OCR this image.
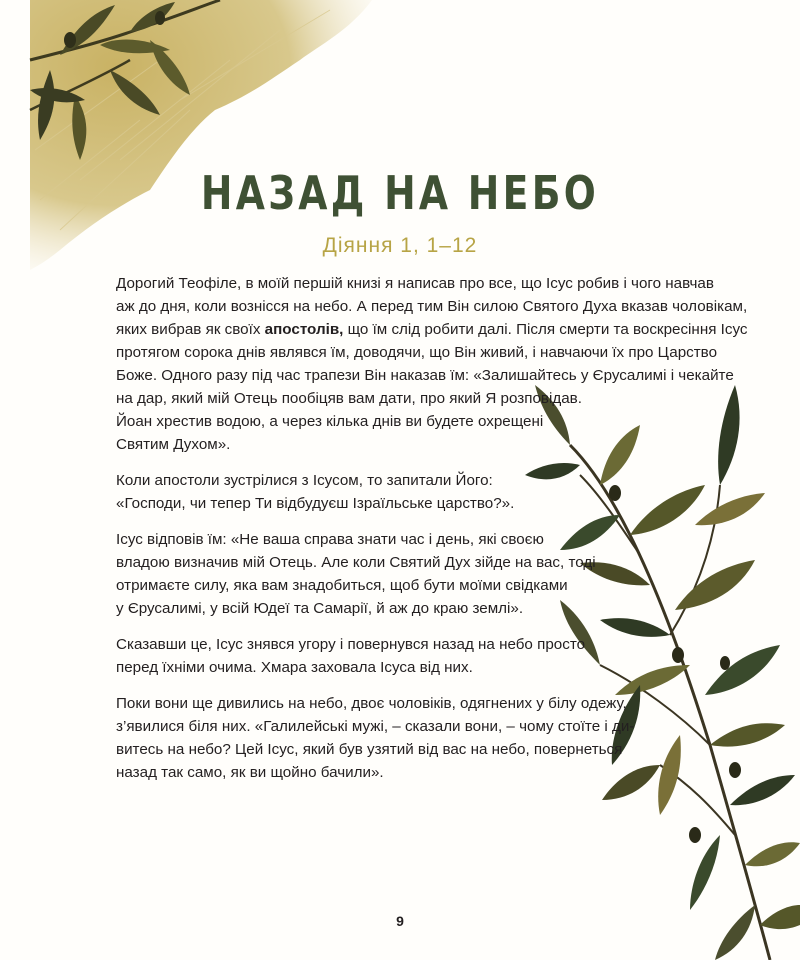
НАЗАД НА НЕБО
Діяння 1, 1–12

Дорогий Теофіле, в моїй першій книзі я написав про все, що Ісус робив і чого навчав
аж до дня, коли вознісся на небо. А перед тим Він силою Святого Духа вказав чоловікам,
яких вибрав як своїх апостолів, що їм слід робити далі. Після смерти та воскресіння Ісус
протягом сорока днів являвся їм, доводячи, що Він живий, і навчаючи їх про Царство
Боже. Одного разу під час трапези Він наказав їм: «Залишайтесь у Єрусалимі і чекайте
на дар, який мій Отець пообіцяв вам дати, про який Я розповідав.
Йоан хрестив водою, а через кілька днів ви будете охрещені
Святим Духом».

Коли апостоли зустрілися з Ісусом, то запитали Його:
«Господи, чи тепер Ти відбудуєш Ізраїльське царство?».

Ісус відповів їм: «Не ваша справа знати час і день, які своєю
владою визначив мій Отець. Але коли Святий Дух зійде на вас, тоді
отримаєте силу, яка вам знадобиться, щоб бути моїми свідками
у Єрусалимі, у всій Юдеї та Самарії, й аж до краю землі».

Сказавши це, Ісус знявся угору і повернувся назад на небо просто
перед їхніми очима. Хмара заховала Ісуса від них.

Поки вони ще дивились на небо, двоє чоловіків, одягнених у білу одежу,
з’явилися біля них. «Галилейські мужі, – сказали вони, – чому стоїте і ди-
витесь на небо? Цей Ісус, який був узятий від вас на небо, повернеться
назад так само, як ви щойно бачили».

9
